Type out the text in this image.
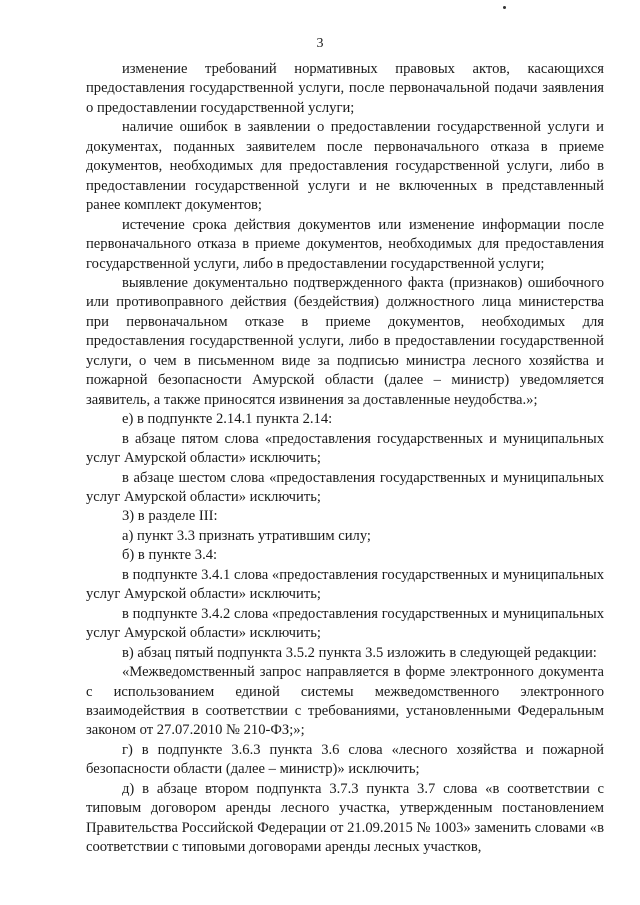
3

изменение требований нормативных правовых актов, касающихся предоставления государственной услуги, после первоначальной подачи заявления о предоставлении государственной услуги;

наличие ошибок в заявлении о предоставлении государственной услуги и документах, поданных заявителем после первоначального отказа в приеме документов, необходимых для предоставления государственной услуги, либо в предоставлении государственной услуги и не включенных в представленный ранее комплект документов;

истечение срока действия документов или изменение информации после первоначального отказа в приеме документов, необходимых для предоставления государственной услуги, либо в предоставлении государственной услуги;

выявление документально подтвержденного факта (признаков) ошибочного или противоправного действия (бездействия) должностного лица министерства при первоначальном отказе в приеме документов, необходимых для предоставления государственной услуги, либо в предоставлении государственной услуги, о чем в письменном виде за подписью министра лесного хозяйства и пожарной безопасности Амурской области (далее – министр) уведомляется заявитель, а также приносятся извинения за доставленные неудобства.»;

е) в подпункте 2.14.1 пункта 2.14:

в абзаце пятом слова «предоставления государственных и муниципальных услуг Амурской области» исключить;

в абзаце шестом слова «предоставления государственных и муниципальных услуг Амурской области» исключить;

3) в разделе III:

а) пункт 3.3 признать утратившим силу;

б) в пункте 3.4:

в подпункте 3.4.1 слова «предоставления государственных и муниципальных услуг Амурской области» исключить;

в подпункте 3.4.2 слова «предоставления государственных и муниципальных услуг Амурской области» исключить;

в) абзац пятый подпункта 3.5.2 пункта 3.5 изложить в следующей редакции:

«Межведомственный запрос направляется в форме электронного документа с использованием единой системы межведомственного электронного взаимодействия в соответствии с требованиями, установленными Федеральным законом от 27.07.2010 № 210-ФЗ;»;

г) в подпункте 3.6.3 пункта 3.6 слова «лесного хозяйства и пожарной безопасности области (далее – министр)» исключить;

д) в абзаце втором подпункта 3.7.3 пункта 3.7 слова «в соответствии с типовым договором аренды лесного участка, утвержденным постановлением Правительства Российской Федерации от 21.09.2015 № 1003» заменить словами «в соответствии с типовыми договорами аренды лесных участков,
